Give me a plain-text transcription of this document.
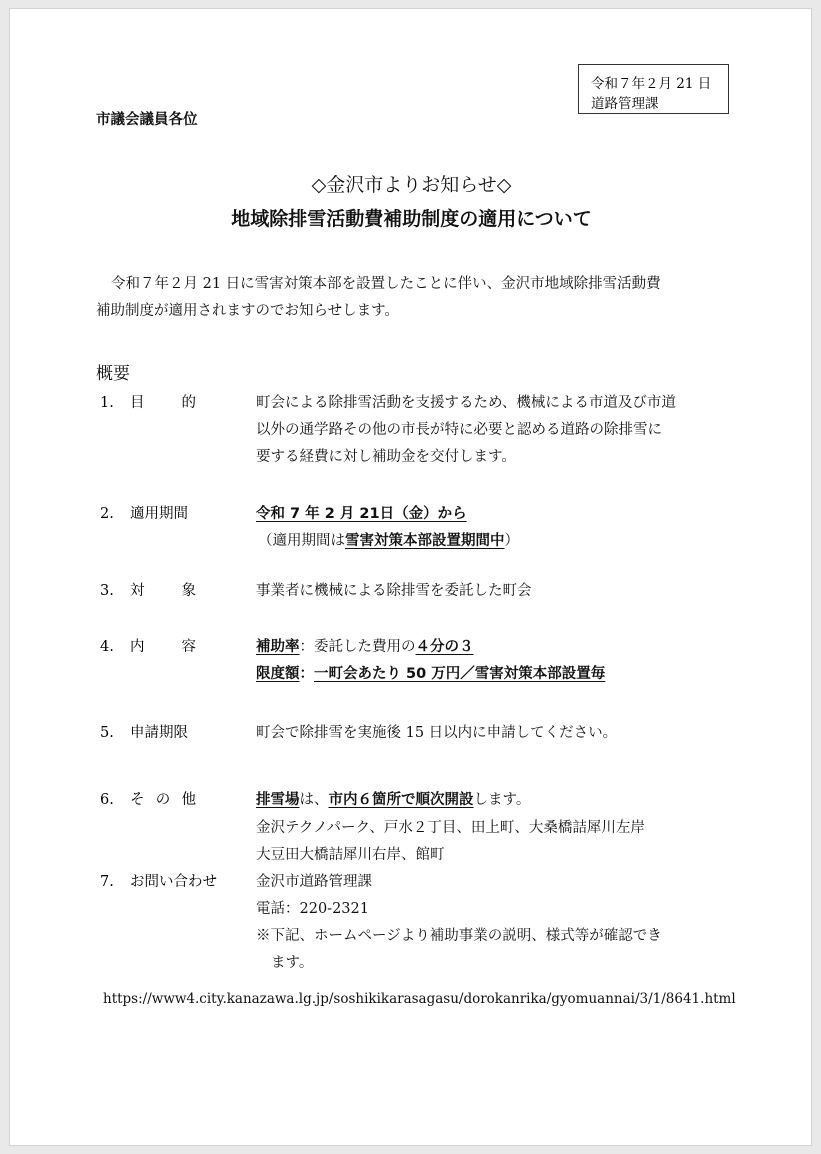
令和７年２月 21 日
道路管理課
市議会議員各位
◇金沢市よりお知らせ◇
地域除排雪活動費補助制度の適用について
令和７年２月 21 日に雪害対策本部を設置したことに伴い、金沢市地域除排雪活動費
補助制度が適用されますのでお知らせします。
概要
1. 目　的	町会による除排雪活動を支援するため、機械による市道及び市道
以外の通学路その他の市長が特に必要と認める道路の除排雪に
要する経費に対し補助金を交付します。
2. 適用期間	令和 7 年 2 月 21日（金）から
（適用期間は雪害対策本部設置期間中）
3. 対　象	事業者に機械による除排雪を委託した町会
4. 内　容	補助率：委託した費用の４分の３
限度額：一町会あたり 50 万円／雪害対策本部設置毎
5. 申請期限	町会で除排雪を実施後 15 日以内に申請してください。
6. そ の 他	排雪場は、市内６箇所で順次開設します。
金沢テクノパーク、戸水２丁目、田上町、大桑橋詰犀川左岸
大豆田大橋詰犀川右岸、館町
7. お問い合わせ	金沢市道路管理課
電話：220-2321
※下記、ホームページより補助事業の説明、様式等が確認でき
ます。
https://www4.city.kanazawa.lg.jp/soshikikarasagasu/dorokanrika/gyomuannai/3/1/8641.html
